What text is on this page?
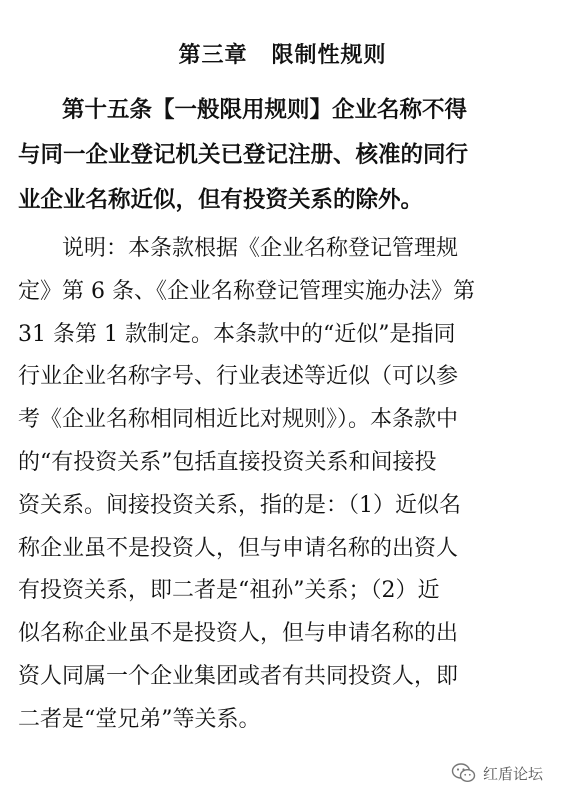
第三章 限制性规则
第十五条【一般限用规则】企业名称不得
与同一企业登记机关已登记注册、核准的同行
业企业名称近似，但有投资关系的除外。
说明：本条款根据《企业名称登记管理规
定》第 6 条、《企业名称登记管理实施办法》第
31 条第 1 款制定。本条款中的“近似”是指同
行业企业名称字号、行业表述等近似（可以参
考《企业名称相同相近比对规则》）。本条款中
的“有投资关系”包括直接投资关系和间接投
资关系。间接投资关系，指的是：（1）近似名
称企业虽不是投资人，但与申请名称的出资人
有投资关系，即二者是“祖孙”关系；（2）近
似名称企业虽不是投资人，但与申请名称的出
资人同属一个企业集团或者有共同投资人，即
二者是“堂兄弟”等关系。
红盾论坛
